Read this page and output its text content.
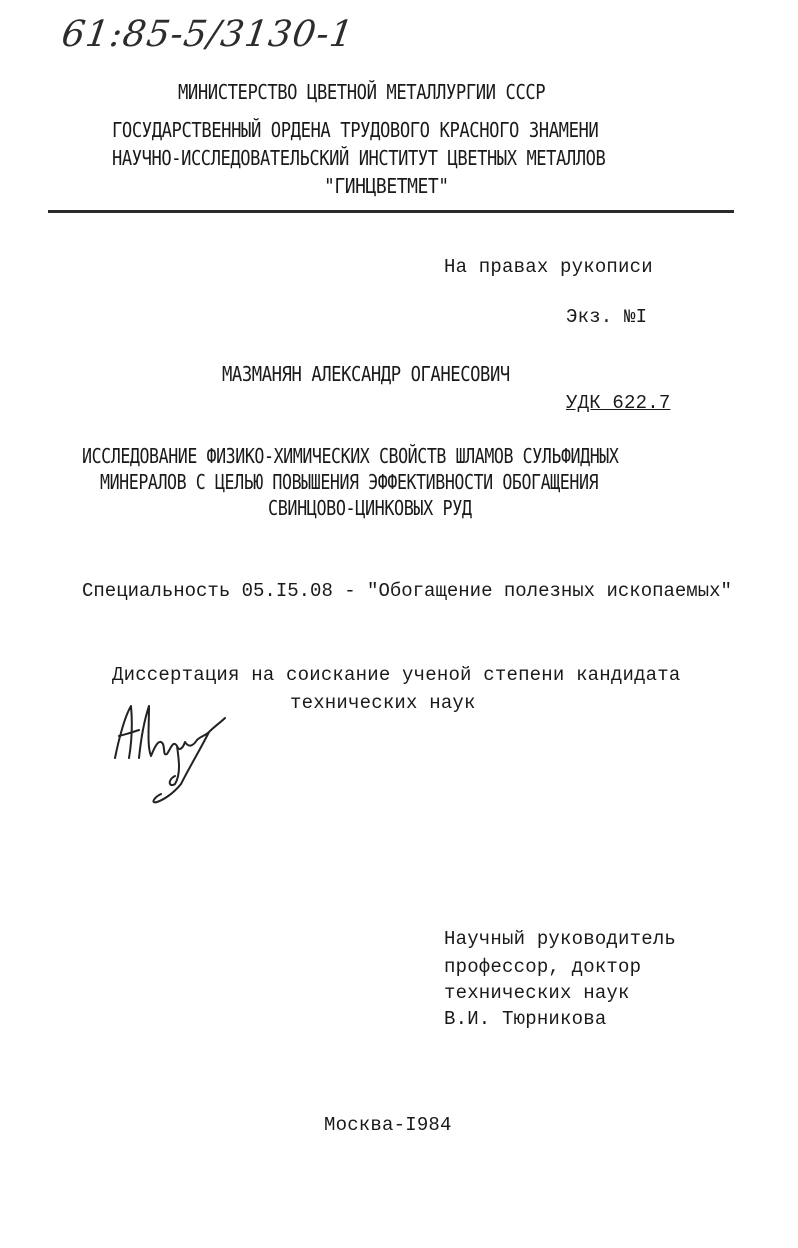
61:85-5/3130-1
МИНИСТЕРСТВО ЦВЕТНОЙ МЕТАЛЛУРГИИ СССР
ГОСУДАРСТВЕННЫЙ ОРДЕНА ТРУДОВОГО КРАСНОГО ЗНАМЕНИ
НАУЧНО-ИССЛЕДОВАТЕЛЬСКИЙ ИНСТИТУТ ЦВЕТНЫХ МЕТАЛЛОВ
"ГИНЦВЕТМЕТ"
На правах рукописи
Экз. №I
МАЗМАНЯН АЛЕКСАНДР ОГАНЕСОВИЧ
УДК 622.7
ИССЛЕДОВАНИЕ ФИЗИКО-ХИМИЧЕСКИХ СВОЙСТВ ШЛАМОВ СУЛЬФИДНЫХ
МИНЕРАЛОВ С ЦЕЛЬЮ ПОВЫШЕНИЯ ЭФФЕКТИВНОСТИ ОБОГАЩЕНИЯ
СВИНЦОВО-ЦИНКОВЫХ РУД
Специальность 05.I5.08 - "Обогащение полезных ископаемых"
Диссертация на соискание ученой степени кандидата
технических наук
Научный руководитель
профессор, доктор
технических наук
В.И. Тюрникова
Москва-I984
